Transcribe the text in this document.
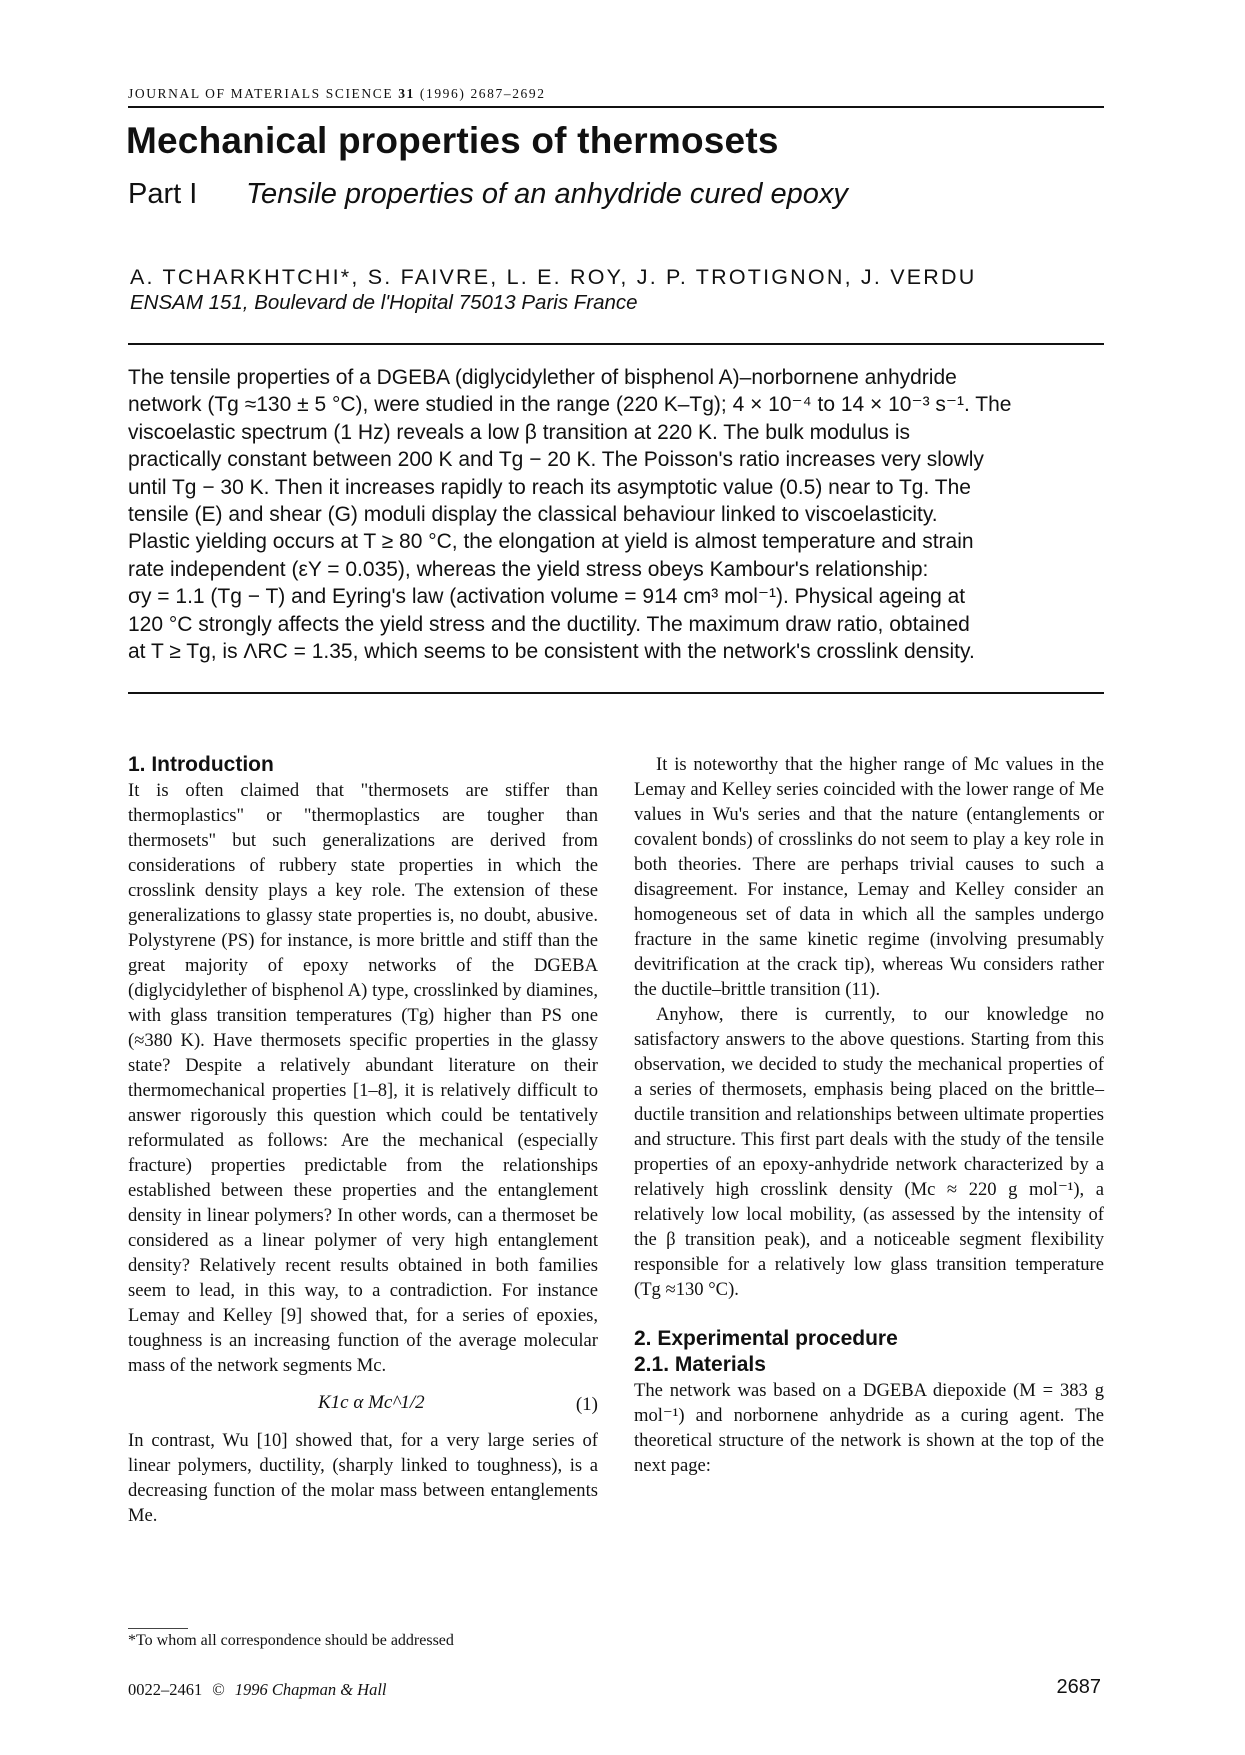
JOURNAL OF MATERIALS SCIENCE 31 (1996) 2687–2692
Mechanical properties of thermosets
Part I Tensile properties of an anhydride cured epoxy
A. TCHARKHTCHI*, S. FAIVRE, L. E. ROY, J. P. TROTIGNON, J. VERDU
ENSAM 151, Boulevard de l'Hopital 75013 Paris France
The tensile properties of a DGEBA (diglycidylether of bisphenol A)–norbornene anhydride
network (Tg ≈130 ± 5 °C), were studied in the range (220 K–Tg); 4 × 10⁻⁴ to 14 × 10⁻³ s⁻¹. The
viscoelastic spectrum (1 Hz) reveals a low β transition at 220 K. The bulk modulus is
practically constant between 200 K and Tg − 20 K. The Poisson's ratio increases very slowly
until Tg − 30 K. Then it increases rapidly to reach its asymptotic value (0.5) near to Tg. The
tensile (E) and shear (G) moduli display the classical behaviour linked to viscoelasticity.
Plastic yielding occurs at T ≥ 80 °C, the elongation at yield is almost temperature and strain
rate independent (εY = 0.035), whereas the yield stress obeys Kambour's relationship:
σy = 1.1 (Tg − T) and Eyring's law (activation volume = 914 cm³ mol⁻¹). Physical ageing at
120 °C strongly affects the yield stress and the ductility. The maximum draw ratio, obtained
at T ≥ Tg, is ΛRC = 1.35, which seems to be consistent with the network's crosslink density.
1. Introduction

It is often claimed that "thermosets are stiffer than thermoplastics" or "thermoplastics are tougher than thermosets" but such generalizations are derived from considerations of rubbery state properties in which the crosslink density plays a key role. The extension of these generalizations to glassy state properties is, no doubt, abusive. Polystyrene (PS) for instance, is more brittle and stiff than the great majority of epoxy networks of the DGEBA (diglycidylether of bisphenol A) type, crosslinked by diamines, with glass transition temperatures (Tg) higher than PS one (≈380 K). Have thermosets specific properties in the glassy state? Despite a relatively abundant literature on their thermomechanical properties [1–8], it is relatively difficult to answer rigorously this question which could be tentatively reformulated as follows: Are the mechanical (especially fracture) properties predictable from the relationships established between these properties and the entanglement density in linear polymers? In other words, can a thermoset be considered as a linear polymer of very high entanglement density? Relatively recent results obtained in both families seem to lead, in this way, to a contradiction. For instance Lemay and Kelley [9] showed that, for a series of epoxies, toughness is an increasing function of the average molecular mass of the network segments Mc.

K1c α Mc^1/2	(1)

In contrast, Wu [10] showed that, for a very large series of linear polymers, ductility, (sharply linked to toughness), is a decreasing function of the molar mass between entanglements Me.

It is noteworthy that the higher range of Mc values in the Lemay and Kelley series coincided with the lower range of Me values in Wu's series and that the nature (entanglements or covalent bonds) of crosslinks do not seem to play a key role in both theories. There are perhaps trivial causes to such a disagreement. For instance, Lemay and Kelley consider an homogeneous set of data in which all the samples undergo fracture in the same kinetic regime (involving presumably devitrification at the crack tip), whereas Wu considers rather the ductile–brittle transition (11).

Anyhow, there is currently, to our knowledge no satisfactory answers to the above questions. Starting from this observation, we decided to study the mechanical properties of a series of thermosets, emphasis being placed on the brittle–ductile transition and relationships between ultimate properties and structure. This first part deals with the study of the tensile properties of an epoxy-anhydride network characterized by a relatively high crosslink density (Mc ≈ 220 g mol⁻¹), a relatively low local mobility, (as assessed by the intensity of the β transition peak), and a noticeable segment flexibility responsible for a relatively low glass transition temperature (Tg ≈130 °C).

2. Experimental procedure
2.1. Materials

The network was based on a DGEBA diepoxide (M = 383 g mol⁻¹) and norbornene anhydride as a curing agent. The theoretical structure of the network is shown at the top of the next page:

*To whom all correspondence should be addressed
0022–2461 © 1996 Chapman & Hall	2687
